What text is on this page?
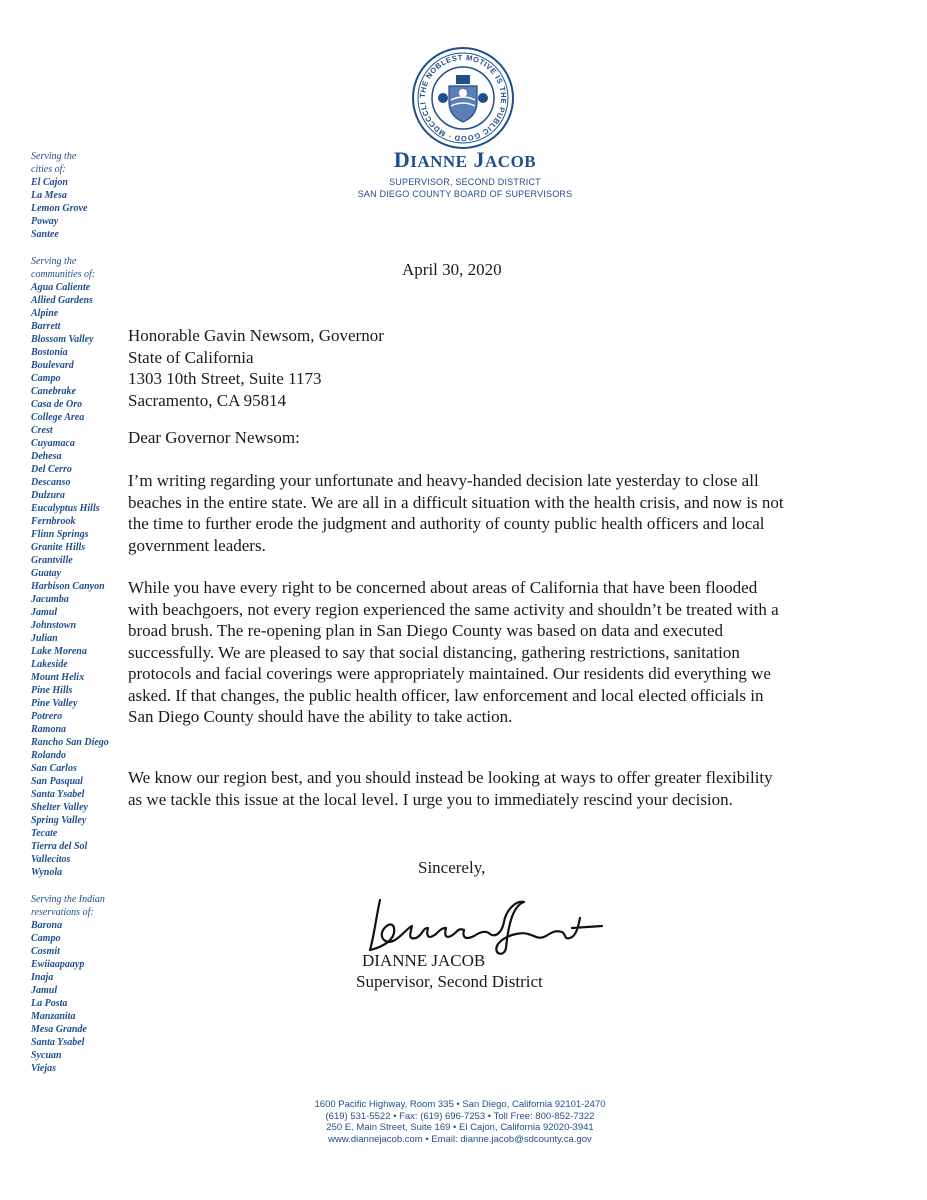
THE NOBLEST MOTIVE IS THE PUBLIC GOOD · MDCCCLI
DIANNE JACOB
SUPERVISOR, SECOND DISTRICT
SAN DIEGO COUNTY BOARD OF SUPERVISORS
Serving the
cities of:
El Cajon
La Mesa
Lemon Grove
Poway
Santee
Serving the
communities of:
Agua Caliente
Allied Gardens
Alpine
Barrett
Blossom Valley
Bostonia
Boulevard
Campo
Canebrake
Casa de Oro
College Area
Crest
Cuyamaca
Dehesa
Del Cerro
Descanso
Dulzura
Eucalyptus Hills
Fernbrook
Flinn Springs
Granite Hills
Grantville
Guatay
Harbison Canyon
Jacumba
Jamul
Johnstown
Julian
Lake Morena
Lakeside
Mount Helix
Pine Hills
Pine Valley
Potrero
Ramona
Rancho San Diego
Rolando
San Carlos
San Pasqual
Santa Ysabel
Shelter Valley
Spring Valley
Tecate
Tierra del Sol
Vallecitos
Wynola
Serving the Indian
reservations of:
Barona
Campo
Cosmit
Ewiiaapaayp
Inaja
Jamul
La Posta
Manzanita
Mesa Grande
Santa Ysabel
Sycuan
Viejas
April 30, 2020
Honorable Gavin Newsom, Governor
State of California
1303 10th Street, Suite 1173
Sacramento, CA 95814
Dear Governor Newsom:

I’m writing regarding your unfortunate and heavy-handed decision late yesterday to close all beaches in the entire state. We are all in a difficult situation with the health crisis, and now is not the time to further erode the judgment and authority of county public health officers and local government leaders.

While you have every right to be concerned about areas of California that have been flooded with beachgoers, not every region experienced the same activity and shouldn’t be treated with a broad brush. The re-opening plan in San Diego County was based on data and executed successfully. We are pleased to say that social distancing, gathering restrictions, sanitation protocols and facial coverings were appropriately maintained. Our residents did everything we asked. If that changes, the public health officer, law enforcement and local elected officials in San Diego County should have the ability to take action.

We know our region best, and you should instead be looking at ways to offer greater flexibility as we tackle this issue at the local level. I urge you to immediately rescind your decision.

Sincerely,
DIANNE JACOB
Supervisor, Second District
1600 Pacific Highway, Room 335 • San Diego, California 92101-2470
(619) 531-5522 • Fax: (619) 696-7253 • Toll Free: 800-852-7322
250 E. Main Street, Suite 169 • El Cajon, California 92020-3941
www.diannejacob.com • Email: dianne.jacob@sdcounty.ca.gov
